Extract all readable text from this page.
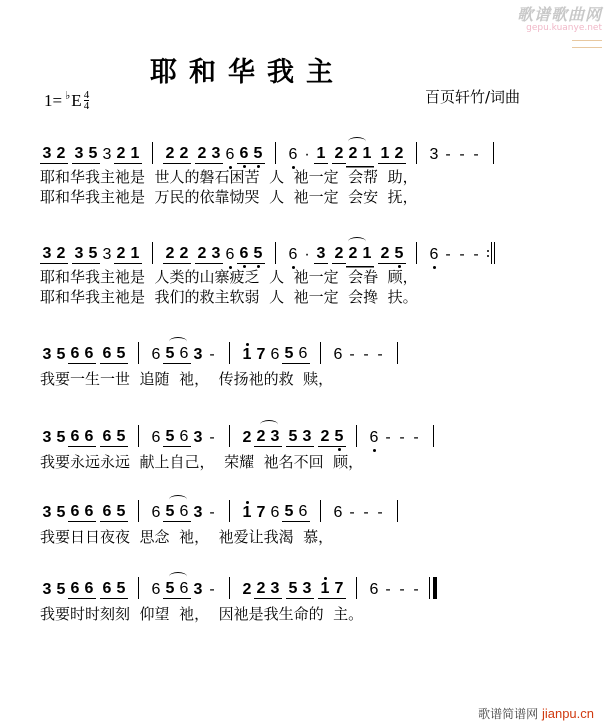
歌谱歌曲网
gepu.kuanye.net
耶和华我主
1= ♭ E $\frac{4}{4}$	百页轩竹/词曲
3 2 3 5 3 2 1 2 2 2 3 6 6 5 6 · 1 2 2 1 1 2 3 - - -
耶和华我主祂是  世人的磐石困苦  人  祂一定  会帮  助，
耶和华我主祂是  万民的依靠恸哭  人  祂一定  会安  抚，
3 2 3 5 3 2 1 2 2 2 3 6 6 5 6 · 3 2 2 1 2 5 6 - - -
耶和华我主祂是  人类的山寨疲乏  人  祂一定  会眷  顾，
耶和华我主祂是  我们的救主软弱  人  祂一定  会搀  扶。
3 5 6 6 6 5 6 5 6 3 - 1 7 6 5 6 6 - - -
我要一生一世  追随  祂，  传扬祂的救  赎，
3 5 6 6 6 5 6 5 6 3 - 2 2 3 5 3 2 5 6 - - -
我要永远永远  献上自己，  荣耀  祂名不回  顾，
3 5 6 6 6 5 6 5 6 3 - 1 7 6 5 6 6 - - -
我要日日夜夜  思念  祂，  祂爱让我渴  慕，
3 5 6 6 6 5 6 5 6 3 - 2 2 3 5 3 1 7 6 - - -
我要时时刻刻  仰望  祂，  因祂是我生命的  主。
歌谱简谱网 jianpu.cn
